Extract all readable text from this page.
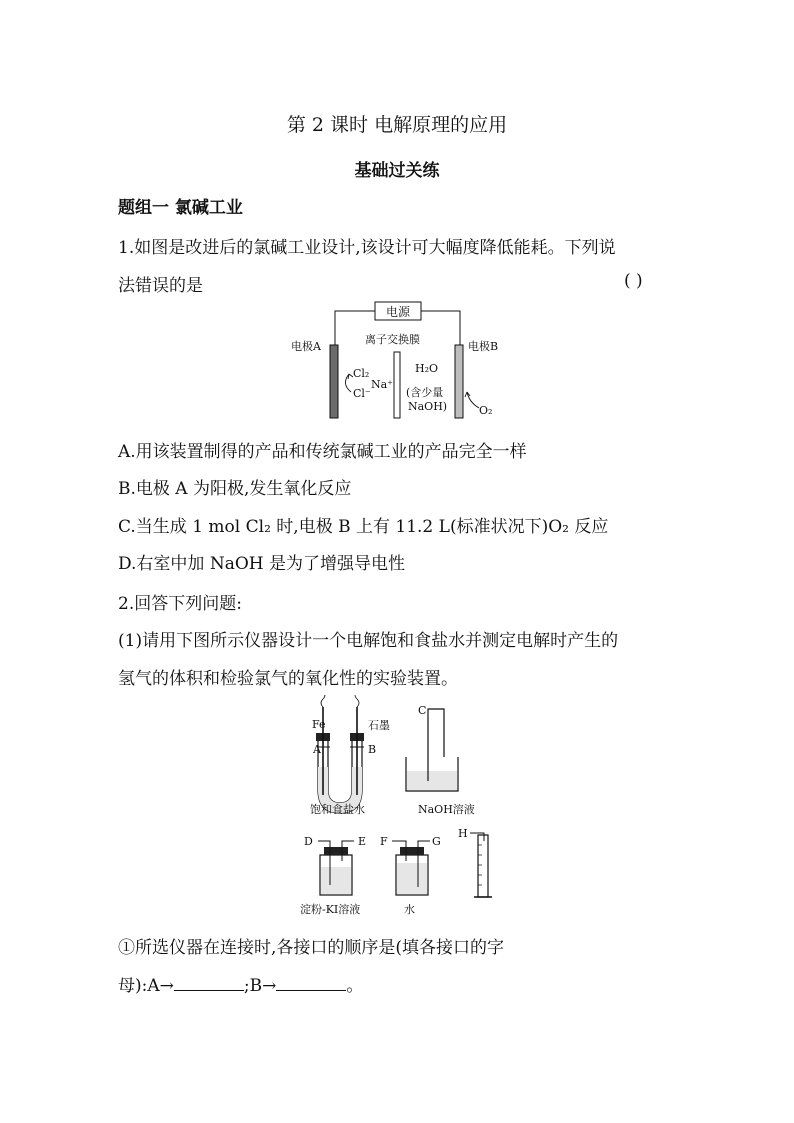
第 2 课时 电解原理的应用
基础过关练
题组一 氯碱工业
1.如图是改进后的氯碱工业设计,该设计可大幅度降低能耗。下列说
法错误的是	( )
电源
电极A	电极B
离子交换膜
Cl₂
Cl⁻
Na⁺
H₂O
(含少量
NaOH)	O₂
A.用该装置制得的产品和传统氯碱工业的产品完全一样
B.电极 A 为阳极,发生氧化反应
C.当生成 1 mol Cl₂ 时,电极 B 上有 11.2 L(标准状况下)O₂ 反应
D.右室中加 NaOH 是为了增强导电性
2.回答下列问题:
(1)请用下图所示仪器设计一个电解饱和食盐水并测定电解时产生的
氢气的体积和检验氯气的氧化性的实验装置。
Fe	石墨
A	B
饱和食盐水
C
NaOH溶液
D	E
淀粉-KI溶液
F	G
水
H
①所选仪器在连接时,各接口的顺序是(填各接口的字
母):A→	;B→	。
